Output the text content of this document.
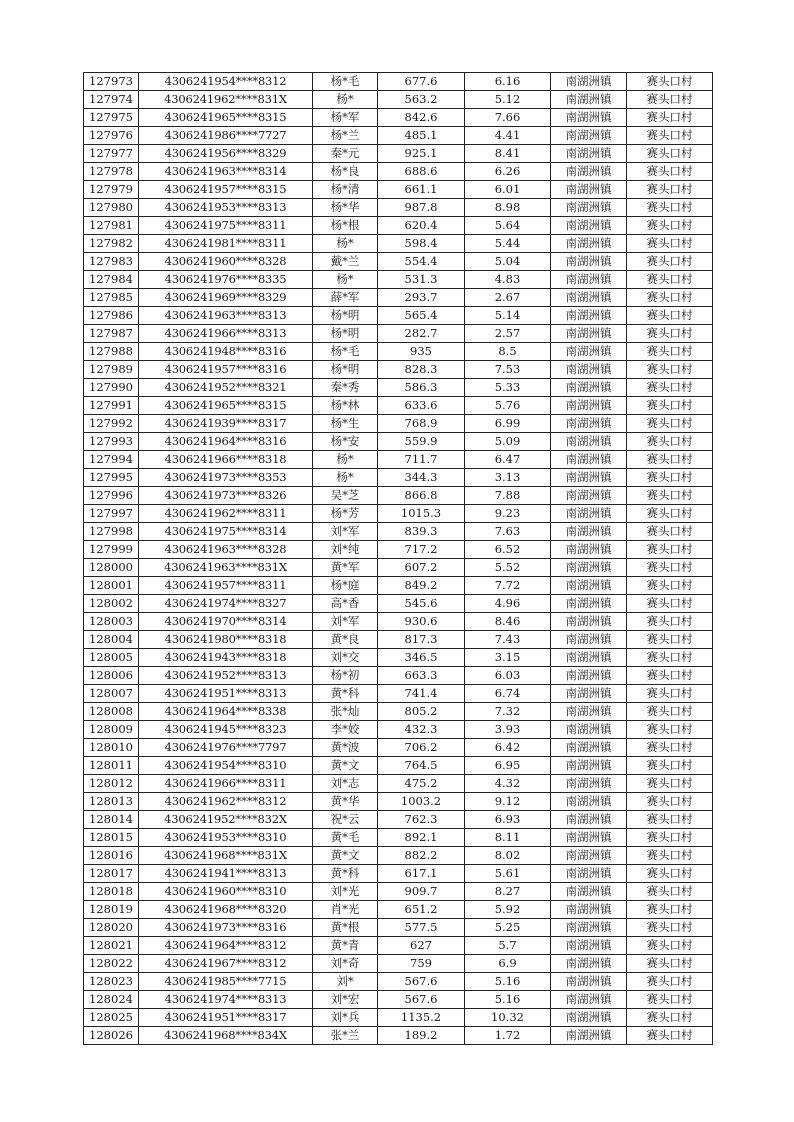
127973	4306241954****8312	杨*毛	677.6	6.16	南湖洲镇	赛头口村
127974	4306241962****831X	杨*	563.2	5.12	南湖洲镇	赛头口村
127975	4306241965****8315	杨*军	842.6	7.66	南湖洲镇	赛头口村
127976	4306241986****7727	杨*兰	485.1	4.41	南湖洲镇	赛头口村
127977	4306241956****8329	秦*元	925.1	8.41	南湖洲镇	赛头口村
127978	4306241963****8314	杨*良	688.6	6.26	南湖洲镇	赛头口村
127979	4306241957****8315	杨*清	661.1	6.01	南湖洲镇	赛头口村
127980	4306241953****8313	杨*华	987.8	8.98	南湖洲镇	赛头口村
127981	4306241975****8311	杨*根	620.4	5.64	南湖洲镇	赛头口村
127982	4306241981****8311	杨*	598.4	5.44	南湖洲镇	赛头口村
127983	4306241960****8328	戴*兰	554.4	5.04	南湖洲镇	赛头口村
127984	4306241976****8335	杨*	531.3	4.83	南湖洲镇	赛头口村
127985	4306241969****8329	薛*军	293.7	2.67	南湖洲镇	赛头口村
127986	4306241963****8313	杨*明	565.4	5.14	南湖洲镇	赛头口村
127987	4306241966****8313	杨*明	282.7	2.57	南湖洲镇	赛头口村
127988	4306241948****8316	杨*毛	935	8.5	南湖洲镇	赛头口村
127989	4306241957****8316	杨*明	828.3	7.53	南湖洲镇	赛头口村
127990	4306241952****8321	秦*秀	586.3	5.33	南湖洲镇	赛头口村
127991	4306241965****8315	杨*林	633.6	5.76	南湖洲镇	赛头口村
127992	4306241939****8317	杨*生	768.9	6.99	南湖洲镇	赛头口村
127993	4306241964****8316	杨*安	559.9	5.09	南湖洲镇	赛头口村
127994	4306241966****8318	杨*	711.7	6.47	南湖洲镇	赛头口村
127995	4306241973****8353	杨*	344.3	3.13	南湖洲镇	赛头口村
127996	4306241973****8326	吴*芝	866.8	7.88	南湖洲镇	赛头口村
127997	4306241962****8311	杨*芳	1015.3	9.23	南湖洲镇	赛头口村
127998	4306241975****8314	刘*军	839.3	7.63	南湖洲镇	赛头口村
127999	4306241963****8328	刘*纯	717.2	6.52	南湖洲镇	赛头口村
128000	4306241963****831X	黄*军	607.2	5.52	南湖洲镇	赛头口村
128001	4306241957****8311	杨*庭	849.2	7.72	南湖洲镇	赛头口村
128002	4306241974****8327	高*香	545.6	4.96	南湖洲镇	赛头口村
128003	4306241970****8314	刘*军	930.6	8.46	南湖洲镇	赛头口村
128004	4306241980****8318	黄*良	817.3	7.43	南湖洲镇	赛头口村
128005	4306241943****8318	刘*交	346.5	3.15	南湖洲镇	赛头口村
128006	4306241952****8313	杨*初	663.3	6.03	南湖洲镇	赛头口村
128007	4306241951****8313	黄*科	741.4	6.74	南湖洲镇	赛头口村
128008	4306241964****8338	张*灿	805.2	7.32	南湖洲镇	赛头口村
128009	4306241945****8323	李*姣	432.3	3.93	南湖洲镇	赛头口村
128010	4306241976****7797	黄*波	706.2	6.42	南湖洲镇	赛头口村
128011	4306241954****8310	黄*文	764.5	6.95	南湖洲镇	赛头口村
128012	4306241966****8311	刘*志	475.2	4.32	南湖洲镇	赛头口村
128013	4306241962****8312	黄*华	1003.2	9.12	南湖洲镇	赛头口村
128014	4306241952****832X	祝*云	762.3	6.93	南湖洲镇	赛头口村
128015	4306241953****8310	黄*毛	892.1	8.11	南湖洲镇	赛头口村
128016	4306241968****831X	黄*文	882.2	8.02	南湖洲镇	赛头口村
128017	4306241941****8313	黄*科	617.1	5.61	南湖洲镇	赛头口村
128018	4306241960****8310	刘*光	909.7	8.27	南湖洲镇	赛头口村
128019	4306241968****8320	肖*光	651.2	5.92	南湖洲镇	赛头口村
128020	4306241973****8316	黄*根	577.5	5.25	南湖洲镇	赛头口村
128021	4306241964****8312	黄*青	627	5.7	南湖洲镇	赛头口村
128022	4306241967****8312	刘*奇	759	6.9	南湖洲镇	赛头口村
128023	4306241985****7715	刘*	567.6	5.16	南湖洲镇	赛头口村
128024	4306241974****8313	刘*宏	567.6	5.16	南湖洲镇	赛头口村
128025	4306241951****8317	刘*兵	1135.2	10.32	南湖洲镇	赛头口村
128026	4306241968****834X	张*兰	189.2	1.72	南湖洲镇	赛头口村
